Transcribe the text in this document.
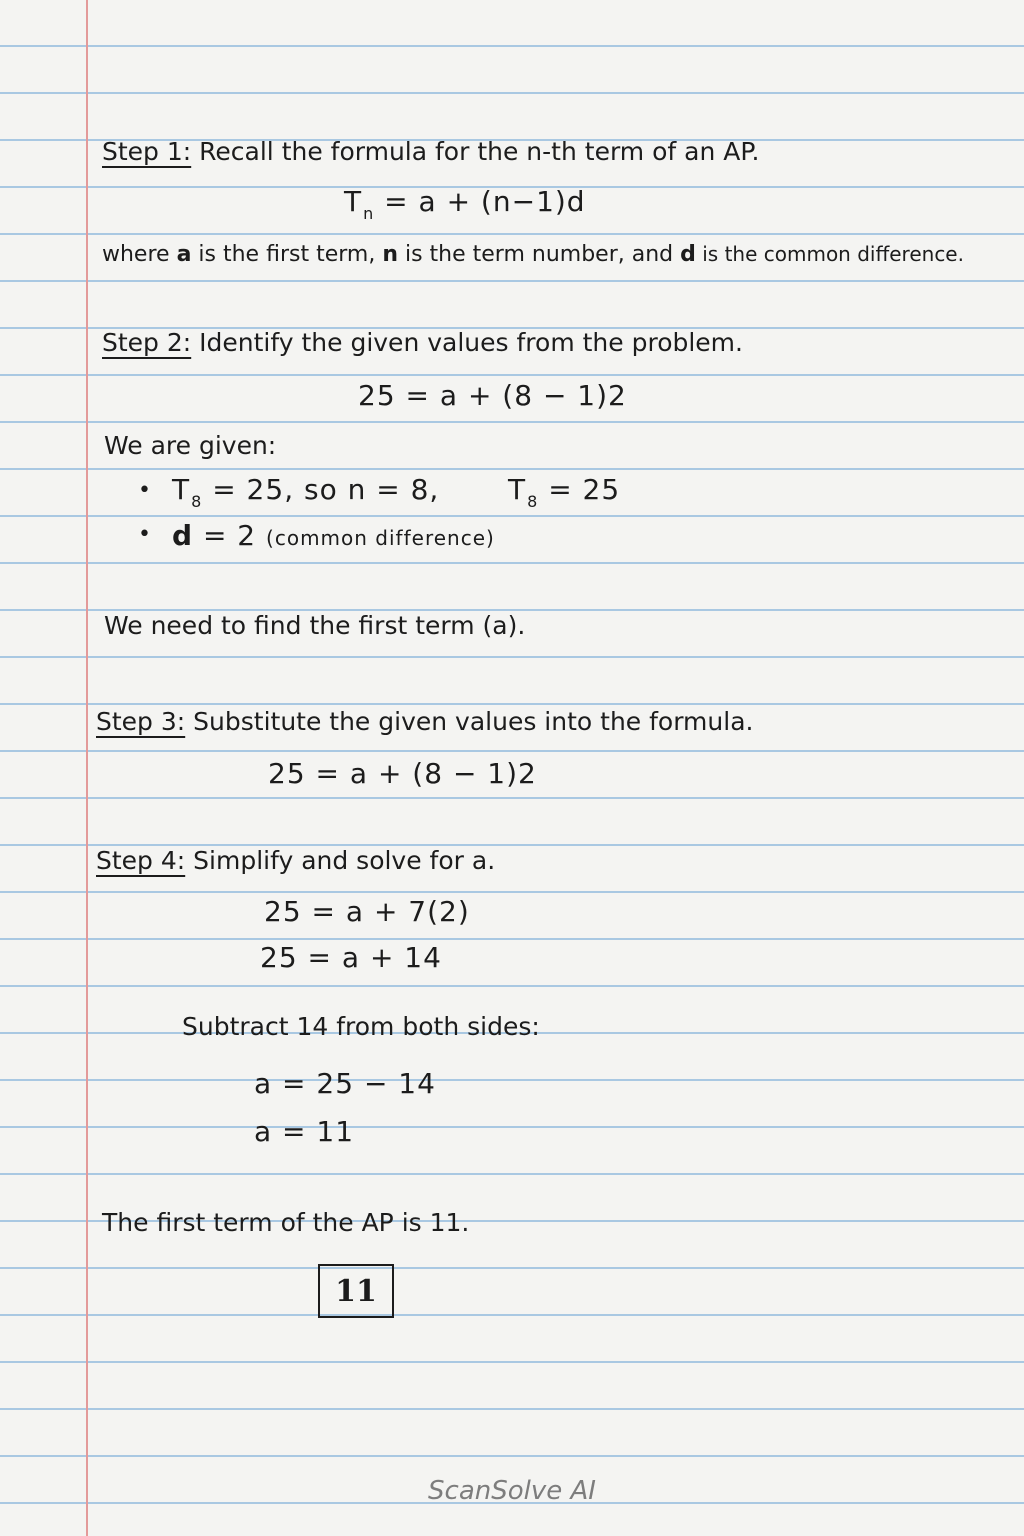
Step 1: Recall the formula for the n-th term of an AP.
$T_n = a + (n-1)d$
where a is the first term, n is the term number, and d is the common difference.
Step 2: Identify the given values from the problem.
25 = a + (8 − 1)2
We are given:
• $T_8 = 25$, so n = 8, $T_8 = 25$
• d = 2 (common difference)
We need to find the first term (a).
Step 3: Substitute the given values into the formula.
25 = a + (8 − 1)2
Step 4: Simplify and solve for a.
25 = a + 7(2)
25 = a + 14
Subtract 14 from both sides:
a = 25 − 14
a = 11
The first term of the AP is 11.
11
ScanSolve AI
